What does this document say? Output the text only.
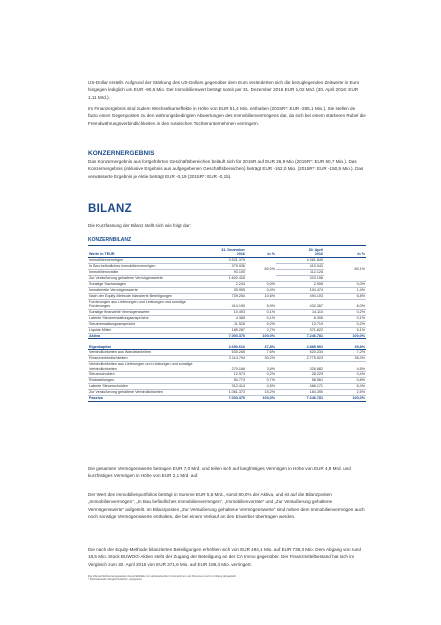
US-Dollar erstellt. Aufgrund der Stärkung des US-Dollars gegenüber dem Euro veränderten sich die bezuglegenden Zeitwerte in Euro hingegen lediglich um EUR -90,6 Mio. Der Immobilienwert beträgt somit per 31. Dezember 2016 EUR 1,02 Mrd. (30. April 2016: EUR 1,11 Mrd.).

Im Finanzergebnis sind zudem Wechselkurseffekte in Höhe von EUR 51,4 Mio. enthalten (2015R*: EUR -285,1 Mio.). Sie stellen de facto einen Gegenposten zu den währungsbedingten Abwertungen des Immobilienvermögens dar, da sich bei einem stärkeren Rubel die Fremdwährungsverbindlichkeiten in den russischen Tochterunternehmen verringern.

KONZERNERGEBNIS

Das Konzernergebnis aus fortgeführten Geschäftsbereichen beläuft sich für 2016R auf EUR 26,9 Mio (2015R*: EUR 60,7 Mio.). Das Konzernergebnis (inklusive Ergebnis aus aufgegebenen Geschäftsbereichen) beträgt EUR -162,0 Mio. (2015R*: EUR -150,5 Mio.). Das verwässerte Ergebnis je Aktie beträgt EUR -0,19 (2015R*: EUR -0,15).

BILANZ

Die Kurzfassung der Bilanz stellt sich wie folgt dar:

KONZERNBILANZ
Werte in TEUR	31. Dezember
2016	in %	30. April
2016	in %
Immobilienvermögen	3.531.379	80,0%	4.361.845	80,1%
In Bau befindliches Immobilienvermögen	379.036		410.043	
Immobilienvorräte	93.100		112.126	
Zur Veräußerung gehaltene Vermögenswerte	1.602.426		323.198	
Sonstige Sachanlagen	2.243	0,0%	2.908	0,0%
Immaterielle Vermögenswerte	25.955	0,4%	104.474	1,4%
Nach der Equity-Methode bilanzierte Beteiligungen	739.254	10,6%	494.103	6,8%
Forderungen aus Lieferungen und Leistungen und sonstige Forderungen	414.190	5,9%	432.367	6,0%
Sonstige finanzielle Vermögenswerte	10.493	0,1%	14.110	0,2%
Latente Steuererstattungsansprüche	4.385	0,1%	6.306	0,1%
Steuererstattungsansprüche	11.526	0,2%	13.719	0,2%
Liquide Mittel	189.287	2,7%	371.622	5,1%
Aktiva	7.003.376	100,0%	7.246.781	100,0%

Eigenkapital	2.650.616	37,8%	2.885.991	39,8%
Verbindlichkeiten aus Wandelanleihen	530.265	7,6%	520.234	7,2%
Finanzverbindlichkeiten	2.114.794	30,2%	2.775.923	38,3%
Verbindlichkeiten aus Lieferungen und Leistungen und sonstige Verbindlichkeiten	270.168	3,9%	326.882	4,5%
Steuerschulden	12.973	0,2%	28.229	0,4%
Rückstellungen	50.773	0,7%	58.961	0,8%
Latente Steuerschulden	312.414	4,5%	466.171	6,4%
Zur Veräußerung gehaltene Verbindlichkeiten	1.061.373	15,2%	184.390	2,5%
Passiva	7.003.376	100,0%	7.246.781	100,0%

Die gesamten Vermögenswerte betragen EUR 7,0 Mrd. und teilen sich auf langfristiges Vermögen in Höhe von EUR 4,9 Mrd. und kurzfristiges Vermögen in Höhe von EUR 2,1 Mrd. auf.

Der Wert des Immobilienportfolios beträgt in Summe EUR 5,6 Mrd., somit 80,0% der Aktiva, und ist auf die Bilanzposten „Immobilienvermögen“, „In Bau befindliches Immobilienvermögen“, „Immobilienvorräte“ und „Zur Veräußerung gehaltene Vermögenswerte“ aufgeteilt. Im Bilanzposten „Zur Veräußerung gehaltene Vermögenswerte“ sind neben dem Immobilienvermögen auch noch sonstige Vermögenswerte enthalten, die bei einem Verkauf an den Erwerber übertragen werden.

Die nach der Equity-Methode bilanzierten Beteiligungen erhöhten sich von EUR 494,1 Mio. auf EUR 739,3 Mio. Dem Abgang von rund 18,5 Mio. Stück BUWOG-Aktien steht der Zugang der Beteiligung an der CA Immo gegenüber. Der Finanzmittelbestand hat sich im Vergleich zum 30. April 2016 von EUR 371,6 Mio. auf EUR 189,3 Mio. verringert.

Die offensichtlichen/angepassten Geschäftsfälle mit nahestehenden Unternehmen und Personen sind im Anhang dargestellt.
* Rückwirkende Vergleichszahlen, angepasst
